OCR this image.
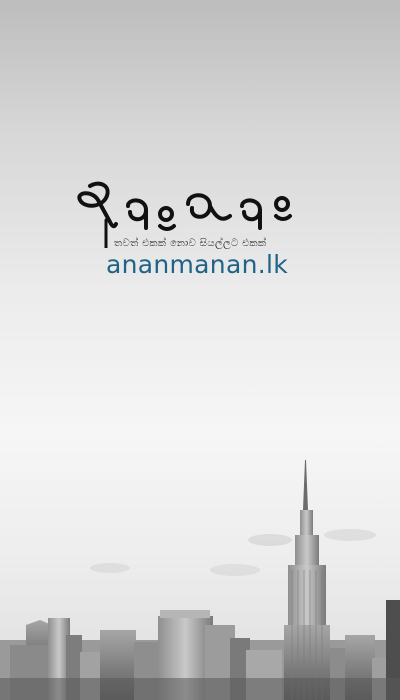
තවත් එකක් නොව සියල්ලට එකක්
ananmanan.lk
